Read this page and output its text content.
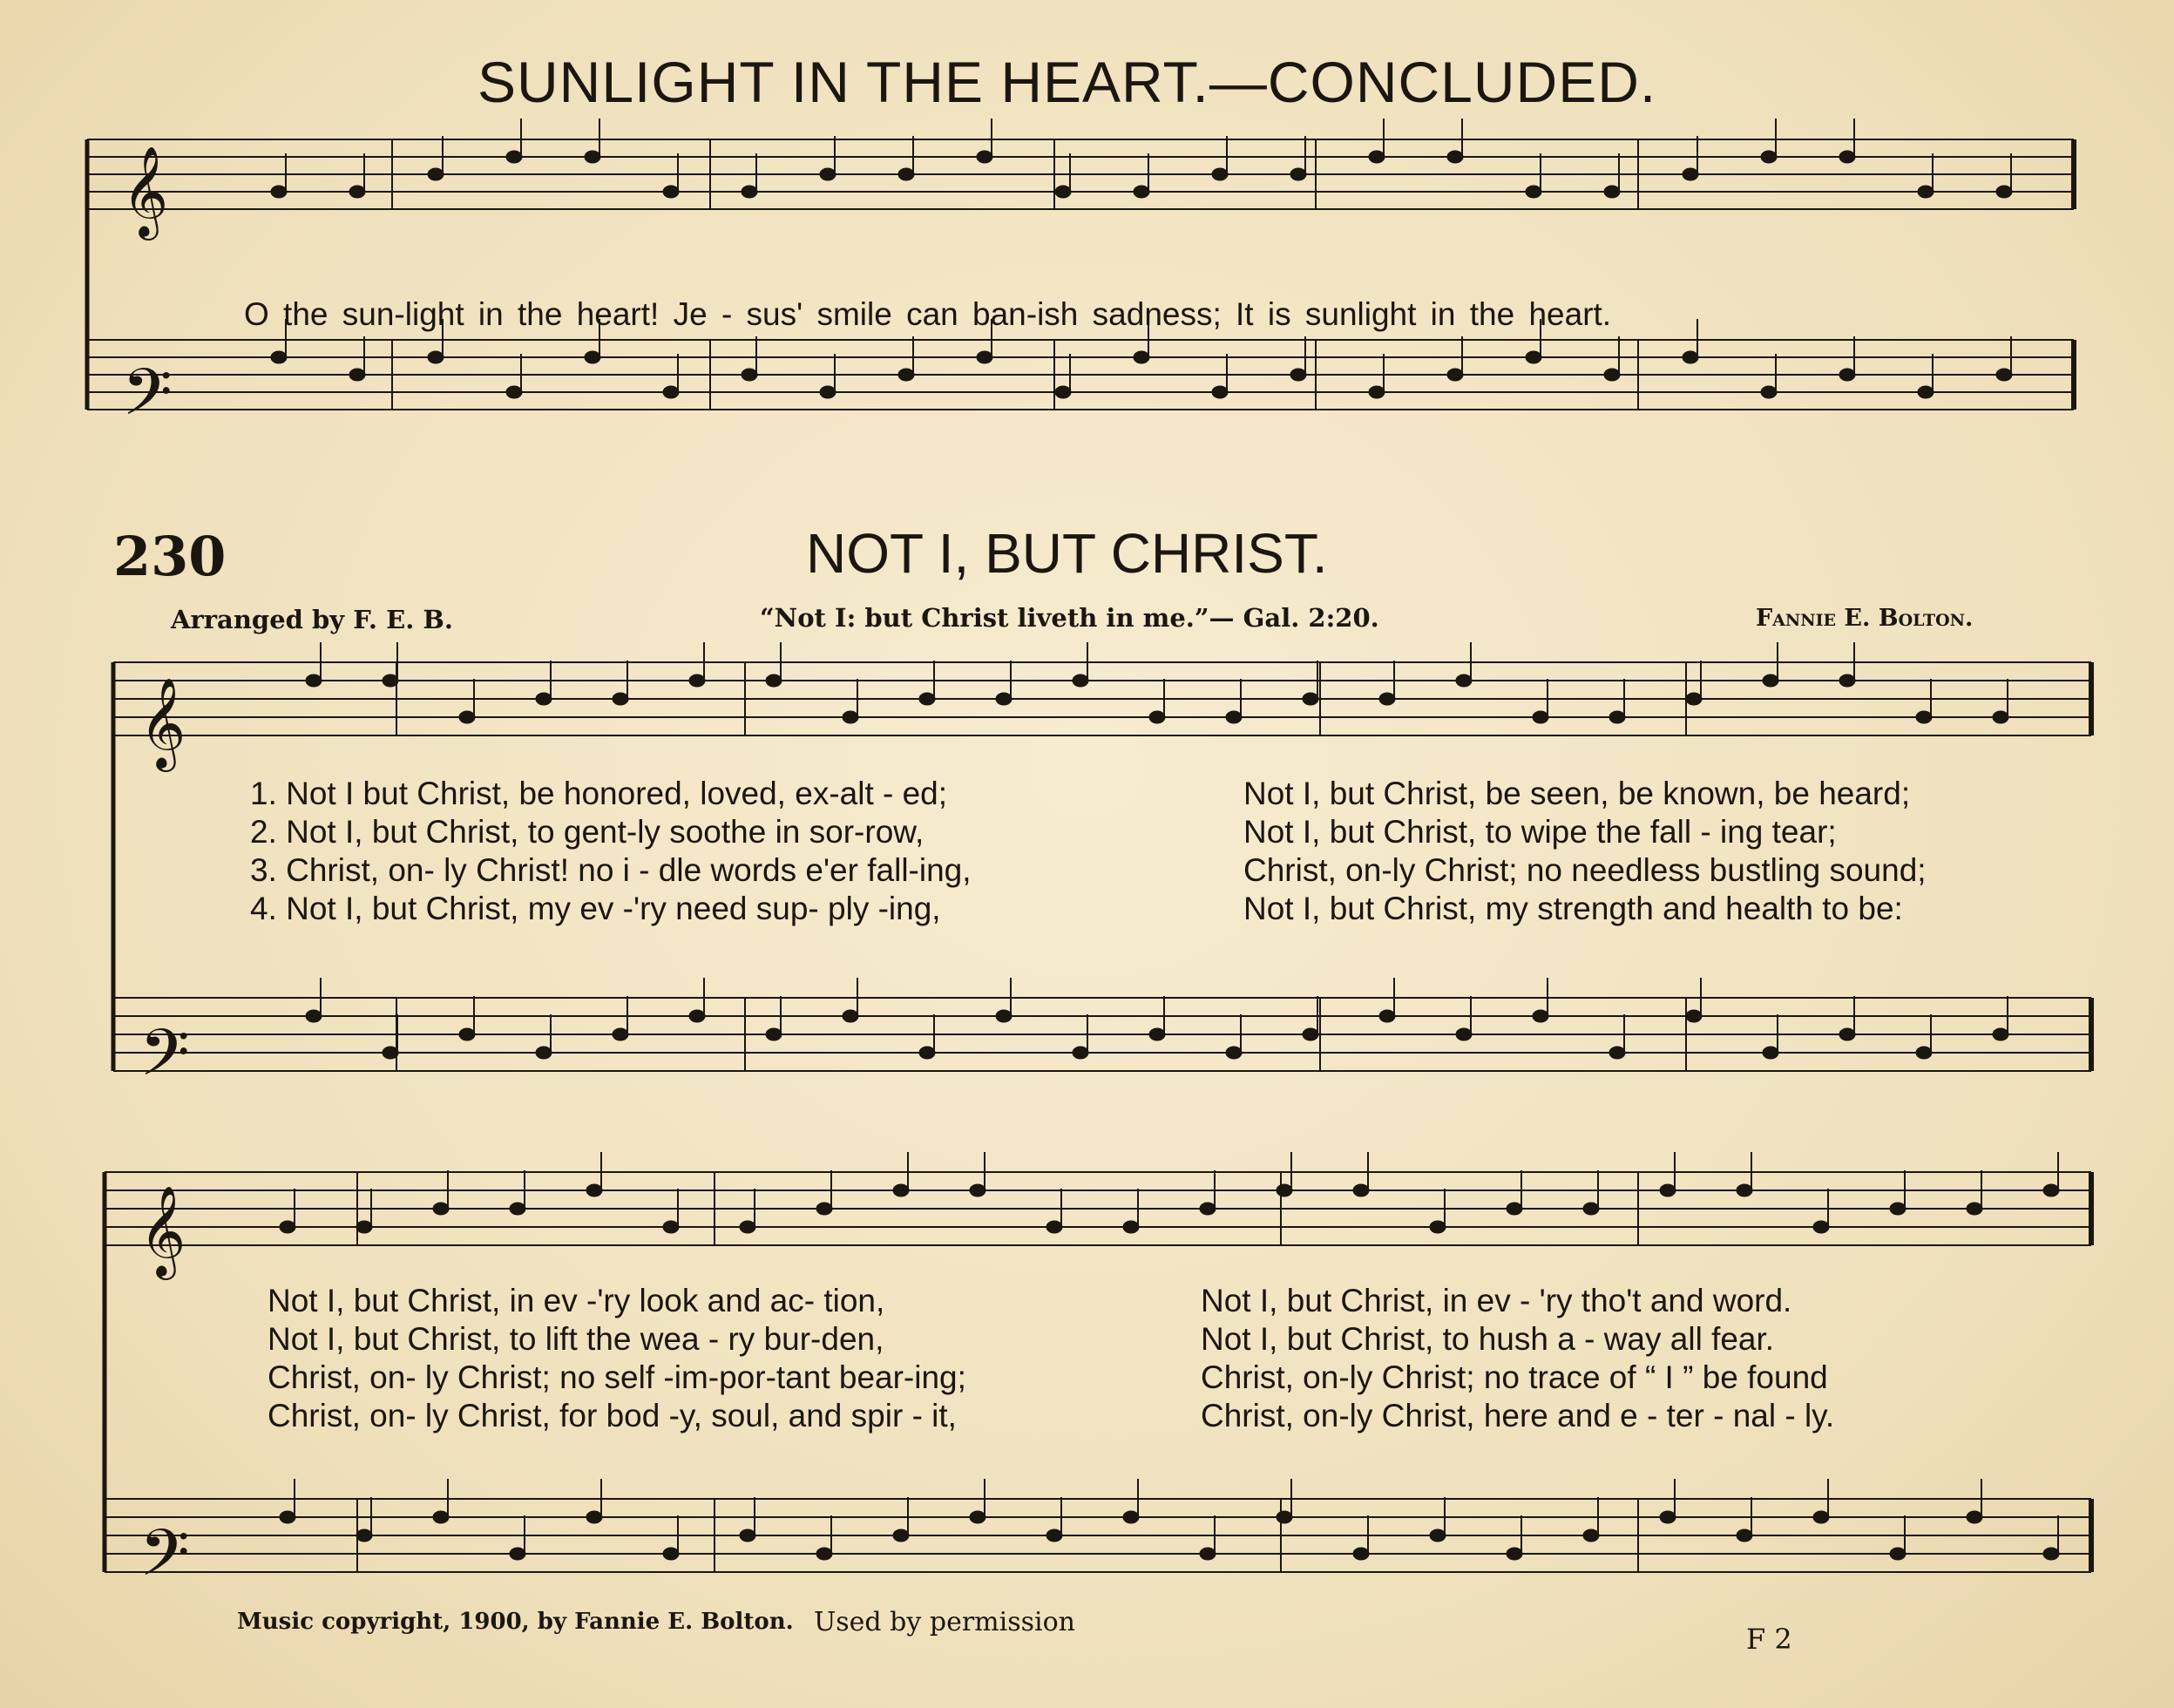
𝄞
𝄢
𝄞
𝄢
𝄞
𝄢
SUNLIGHT IN THE HEART.—CONCLUDED.
O the sun-light in the heart! Je - sus' smile can ban-ish sadness; It is sunlight in the heart.
230	NOT I, BUT CHRIST.
Arranged by F. E. B.	“Not I: but Christ liveth in me.”— Gal. 2:20.	Fannie E. Bolton.
1. Not I but Christ, be honored, loved, ex-alt - ed;
2. Not I, but Christ, to gent-ly soothe in sor-row,
3. Christ, on- ly Christ! no i - dle words e'er fall-ing,
4. Not I, but Christ, my ev -'ry need sup- ply -ing,
Not I, but Christ, be seen, be known, be heard;
Not I, but Christ, to wipe the fall - ing tear;
Christ, on-ly Christ; no needless bustling sound;
Not I, but Christ, my strength and health to be:
Not I, but Christ, in ev -'ry look and ac- tion,
Not I, but Christ, to lift the wea - ry bur-den,
Christ, on- ly Christ; no self -im-por-tant bear-ing;
Christ, on- ly Christ, for bod -y, soul, and spir - it,
Not I, but Christ, in ev - 'ry tho't and word.
Not I, but Christ, to hush a - way all fear.
Christ, on-ly Christ; no trace of “ I ” be found
Christ, on-ly Christ, here and e - ter - nal - ly.
Music copyright, 1900, by Fannie E. Bolton. Used by permission
F 2
